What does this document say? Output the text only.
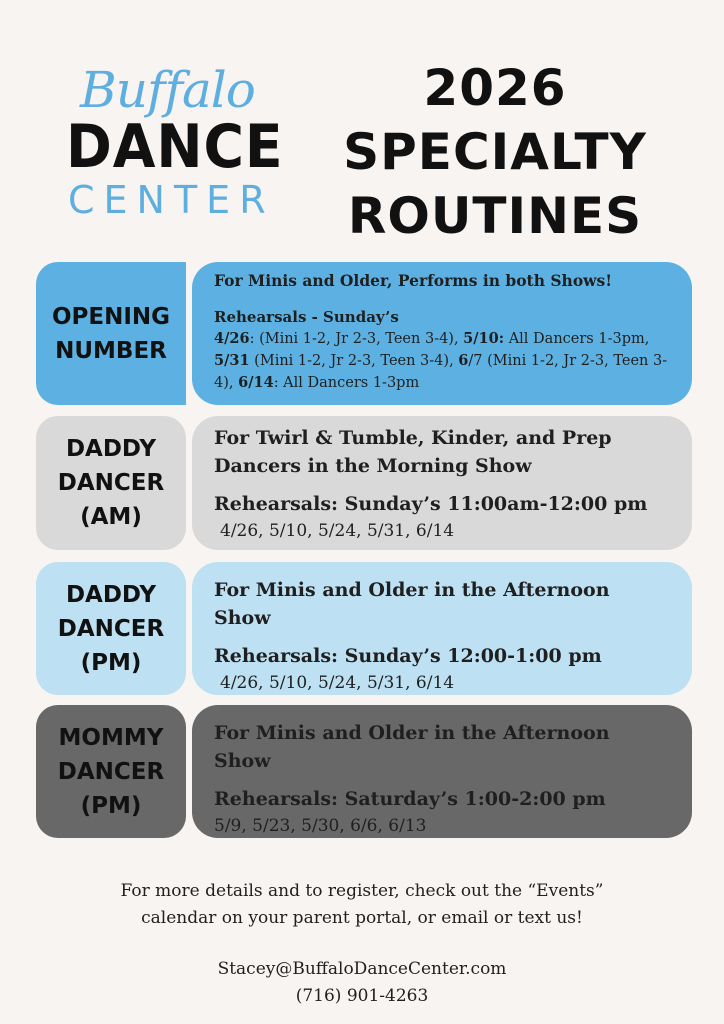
Buffalo
DANCE
CENTER
2026
SPECIALTY
ROUTINES
OPENING
NUMBER
For Minis and Older, Performs in both Shows!
Rehearsals - Sunday’s
4/26: (Mini 1-2, Jr 2-3, Teen 3-4), 5/10: All Dancers 1-3pm, 5/31 (Mini 1-2, Jr 2-3, Teen 3-4), 6/7 (Mini 1-2, Jr 2-3, Teen 3-4), 6/14: All Dancers 1-3pm
DADDY
DANCER
(AM)
For Twirl & Tumble, Kinder, and Prep Dancers in the Morning Show
Rehearsals: Sunday’s 11:00am-12:00 pm
4/26, 5/10, 5/24, 5/31, 6/14
DADDY
DANCER
(PM)
For Minis and Older in the Afternoon Show
Rehearsals: Sunday’s 12:00-1:00 pm
4/26, 5/10, 5/24, 5/31, 6/14
MOMMY
DANCER
(PM)
For Minis and Older in the Afternoon Show
Rehearsals: Saturday’s 1:00-2:00 pm
5/9, 5/23, 5/30, 6/6, 6/13
For more details and to register, check out the “Events”
calendar on your parent portal, or email or text us!
Stacey@BuffaloDanceCenter.com
(716) 901-4263
